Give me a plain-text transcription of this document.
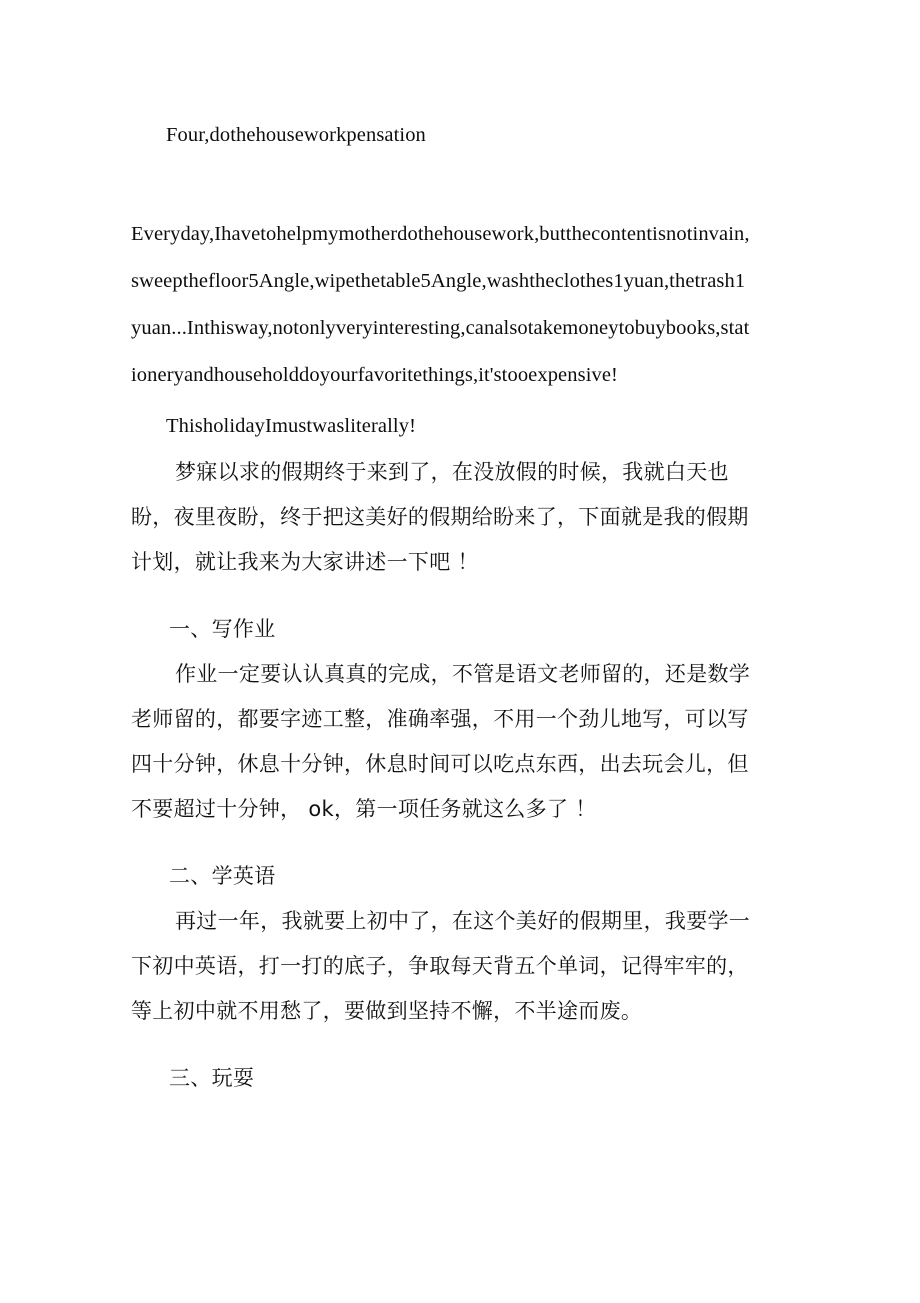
Four,dothehouseworkpensation

Everyday,Ihavetohelpmymotherdothehousework,butthecontentisnotinvain,sweepthefloor5Angle,wipethetable5Angle,washtheclothes1yuan,thetrash1yuan...Inthisway,notonlyveryinteresting,canalsotakemoneytobuybooks,stationeryandhouseholddoyourfavoritethings,it'stooexpensive!

ThisholidayImustwasliterally!

梦寐以求的假期终于来到了，在没放假的时候，我就白天也盼，夜里夜盼，终于把这美好的假期给盼来了，下面就是我的假期计划，就让我来为大家讲述一下吧 ！

一、写作业

作业一定要认认真真的完成，不管是语文老师留的，还是数学老师留的，都要字迹工整，准确率强，不用一个劲儿地写，可以写四十分钟，休息十分钟，休息时间可以吃点东西，出去玩会儿，但不要超过十分钟， ok，第一项任务就这么多了 ！

二、学英语

再过一年，我就要上初中了，在这个美好的假期里，我要学一下初中英语，打一打的底子，争取每天背五个单词，记得牢牢的，等上初中就不用愁了，要做到坚持不懈，不半途而废。

三、玩耍
